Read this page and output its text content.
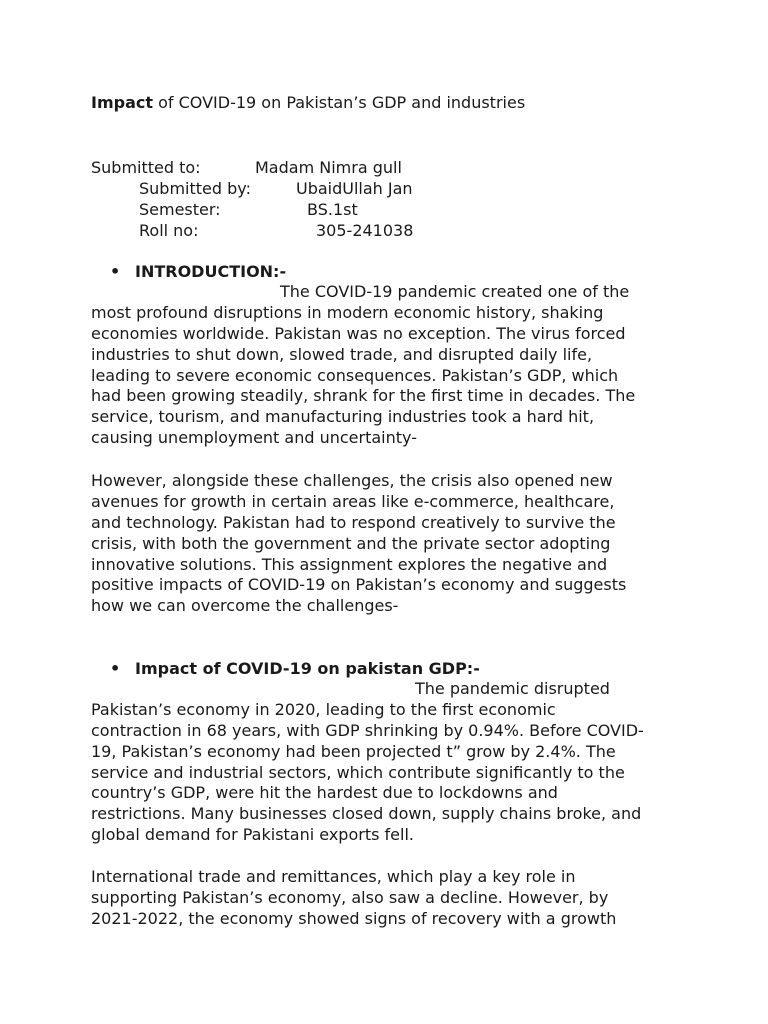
Impact of COVID-19 on Pakistan’s GDP and industries
Submitted to:	Madam Nimra gull
Submitted by:	UbaidUllah Jan
Semester:	BS.1st
Roll no:	305-241038
• INTRODUCTION:-
The COVID-19 pandemic created one of the
most profound disruptions in modern economic history, shaking
economies worldwide. Pakistan was no exception. The virus forced
industries to shut down, slowed trade, and disrupted daily life,
leading to severe economic consequences. Pakistan’s GDP, which
had been growing steadily, shrank for the first time in decades. The
service, tourism, and manufacturing industries took a hard hit,
causing unemployment and uncertainty-
However, alongside these challenges, the crisis also opened new
avenues for growth in certain areas like e-commerce, healthcare,
and technology. Pakistan had to respond creatively to survive the
crisis, with both the government and the private sector adopting
innovative solutions. This assignment explores the negative and
positive impacts of COVID-19 on Pakistan’s economy and suggests
how we can overcome the challenges-
• Impact of COVID-19 on pakistan GDP:-
The pandemic disrupted
Pakistan’s economy in 2020, leading to the first economic
contraction in 68 years, with GDP shrinking by 0.94%. Before COVID-
19, Pakistan’s economy had been projected t” grow by 2.4%. The
service and industrial sectors, which contribute significantly to the
country’s GDP, were hit the hardest due to lockdowns and
restrictions. Many businesses closed down, supply chains broke, and
global demand for Pakistani exports fell.
International trade and remittances, which play a key role in
supporting Pakistan’s economy, also saw a decline. However, by
2021-2022, the economy showed signs of recovery with a growth
